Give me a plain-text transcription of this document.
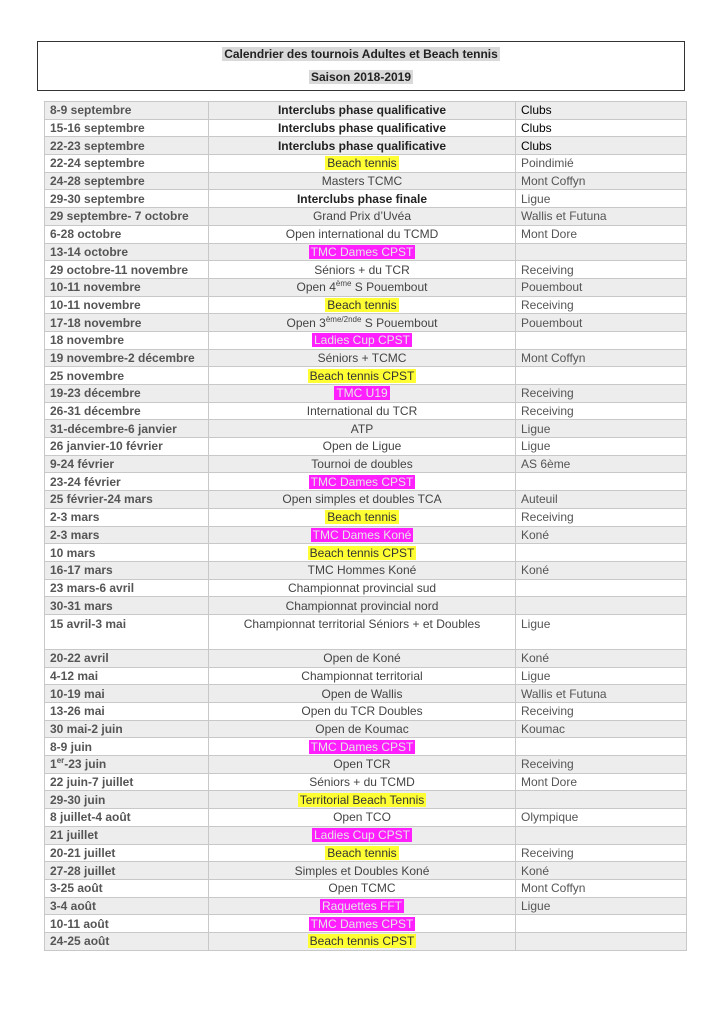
Calendrier des tournois Adultes et Beach tennis
Saison 2018-2019
8-9 septembre	Interclubs phase qualificative	Clubs
15-16 septembre	Interclubs phase qualificative	Clubs
22-23 septembre	Interclubs phase qualificative	Clubs
22-24 septembre	Beach tennis	Poindimié
24-28 septembre	Masters TCMC	Mont Coffyn
29-30 septembre	Interclubs phase finale	Ligue
29 septembre- 7 octobre	Grand Prix d’Uvéa	Wallis et Futuna
6-28 octobre	Open international du TCMD	Mont Dore
13-14 octobre	TMC Dames CPST	
29 octobre-11 novembre	Séniors + du TCR	Receiving
10-11 novembre	Open 4ème S Pouembout	Pouembout
10-11 novembre	Beach tennis	Receiving
17-18 novembre	Open $3^{ème/2nde}$ S Pouembout	Pouembout
18 novembre	Ladies Cup CPST	
19 novembre-2 décembre	Séniors + TCMC	Mont Coffyn
25 novembre	Beach tennis CPST	
19-23 décembre	TMC U19	Receiving
26-31 décembre	International du TCR	Receiving
31-décembre-6 janvier	ATP	Ligue
26 janvier-10 février	Open de Ligue	Ligue
9-24 février	Tournoi de doubles	AS 6ème
23-24 février	TMC Dames CPST	
25 février-24 mars	Open simples et doubles TCA	Auteuil
2-3 mars	Beach tennis	Receiving
2-3 mars	TMC Dames Koné	Koné
10 mars	Beach tennis CPST	
16-17 mars	TMC Hommes Koné	Koné
23 mars-6 avril	Championnat provincial sud	
30-31 mars	Championnat provincial nord	
15 avril-3 mai	Championnat territorial Séniors + et Doubles	Ligue
20-22 avril	Open de Koné	Koné
4-12 mai	Championnat territorial	Ligue
10-19 mai	Open de Wallis	Wallis et Futuna
13-26 mai	Open du TCR Doubles	Receiving
30 mai-2 juin	Open de Koumac	Koumac
8-9 juin	TMC Dames CPST	
1er-23 juin	Open TCR	Receiving
22 juin-7 juillet	Séniors + du TCMD	Mont Dore
29-30 juin	Territorial Beach Tennis	
8 juillet-4 août	Open TCO	Olympique
21 juillet	Ladies Cup CPST	
20-21 juillet	Beach tennis	Receiving
27-28 juillet	Simples et Doubles Koné	Koné
3-25 août	Open TCMC	Mont Coffyn
3-4 août	Raquettes FFT	Ligue
10-11 août	TMC Dames CPST	
24-25 août	Beach tennis CPST	
